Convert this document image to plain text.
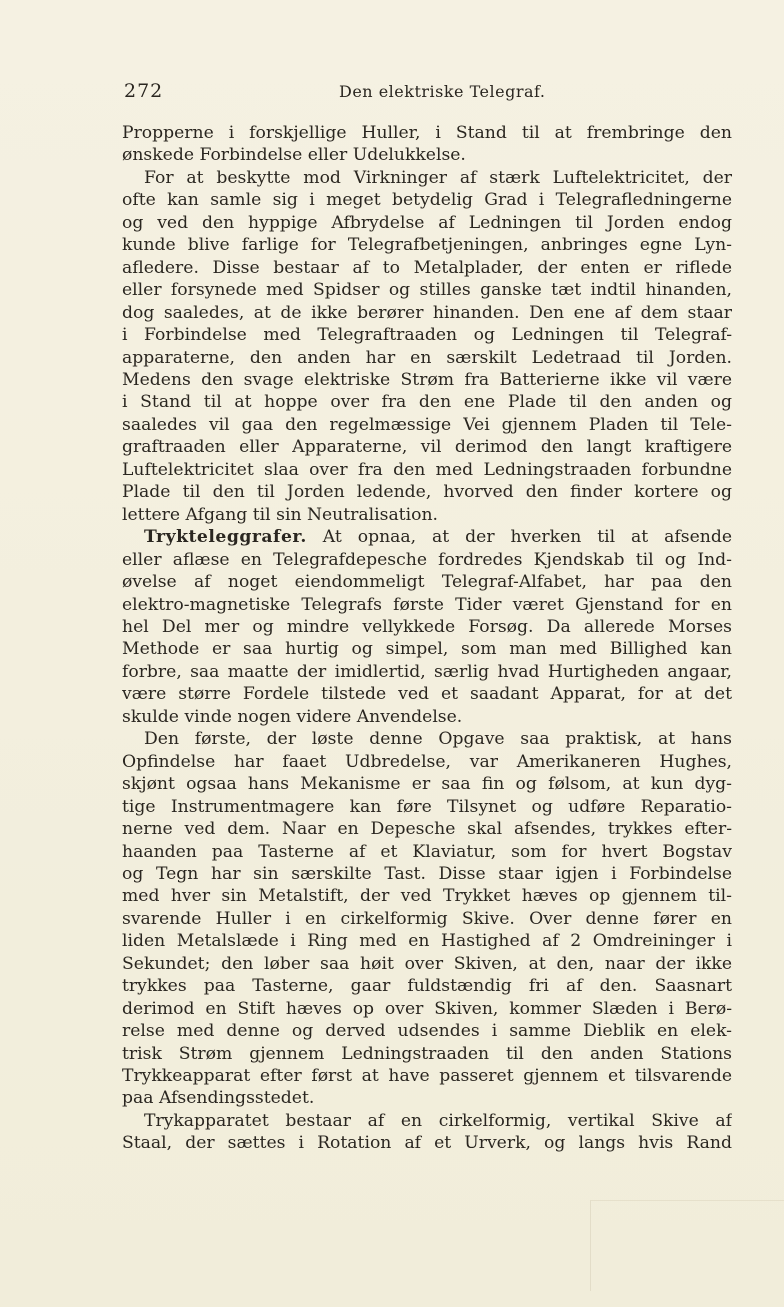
272	Den elektriske Telegraf.
Propperne i forskjellige Huller, i Stand til at frembringe den
ønskede Forbindelse eller Udelukkelse.
For at beskytte mod Virkninger af stærk Luftelektricitet, der
ofte kan samle sig i meget betydelig Grad i Telegrafledningerne
og ved den hyppige Afbrydelse af Ledningen til Jorden endog
kunde blive farlige for Telegrafbetjeningen, anbringes egne Lyn-
afledere. Disse bestaar af to Metalplader, der enten er riflede
eller forsynede med Spidser og stilles ganske tæt indtil hinanden,
dog saaledes, at de ikke berører hinanden. Den ene af dem staar
i Forbindelse med Telegraftraaden og Ledningen til Telegraf-
apparaterne, den anden har en særskilt Ledetraad til Jorden.
Medens den svage elektriske Strøm fra Batterierne ikke vil være
i Stand til at hoppe over fra den ene Plade til den anden og
saaledes vil gaa den regelmæssige Vei gjennem Pladen til Tele-
graftraaden eller Apparaterne, vil derimod den langt kraftigere
Luftelektricitet slaa over fra den med Ledningstraaden forbundne
Plade til den til Jorden ledende, hvorved den finder kortere og
lettere Afgang til sin Neutralisation.
Trykteleggrafer. At opnaa, at der hverken til at afsende
eller aflæse en Telegrafdepesche fordredes Kjendskab til og Ind-
øvelse af noget eiendommeligt Telegraf-Alfabet, har paa den
elektro-magnetiske Telegrafs første Tider været Gjenstand for en
hel Del mer og mindre vellykkede Forsøg. Da allerede Morses
Methode er saa hurtig og simpel, som man med Billighed kan
forbre, saa maatte der imidlertid, særlig hvad Hurtigheden angaar,
være større Fordele tilstede ved et saadant Apparat, for at det
skulde vinde nogen videre Anvendelse.
Den første, der løste denne Opgave saa praktisk, at hans
Opfindelse har faaet Udbredelse, var Amerikaneren Hughes,
skjønt ogsaa hans Mekanisme er saa fin og følsom, at kun dyg-
tige Instrumentmagere kan føre Tilsynet og udføre Reparatio-
nerne ved dem. Naar en Depesche skal afsendes, trykkes efter-
haanden paa Tasterne af et Klaviatur, som for hvert Bogstav
og Tegn har sin særskilte Tast. Disse staar igjen i Forbindelse
med hver sin Metalstift, der ved Trykket hæves op gjennem til-
svarende Huller i en cirkelformig Skive. Over denne fører en
liden Metalslæde i Ring med en Hastighed af 2 Omdreininger i
Sekundet; den løber saa høit over Skiven, at den, naar der ikke
trykkes paa Tasterne, gaar fuldstændig fri af den. Saasnart
derimod en Stift hæves op over Skiven, kommer Slæden i Berø-
relse med denne og derved udsendes i samme Dieblik en elek-
trisk Strøm gjennem Ledningstraaden til den anden Stations
Trykkeapparat efter først at have passeret gjennem et tilsvarende
paa Afsendingsstedet.
Trykapparatet bestaar af en cirkelformig, vertikal Skive af
Staal, der sættes i Rotation af et Urverk, og langs hvis Rand
